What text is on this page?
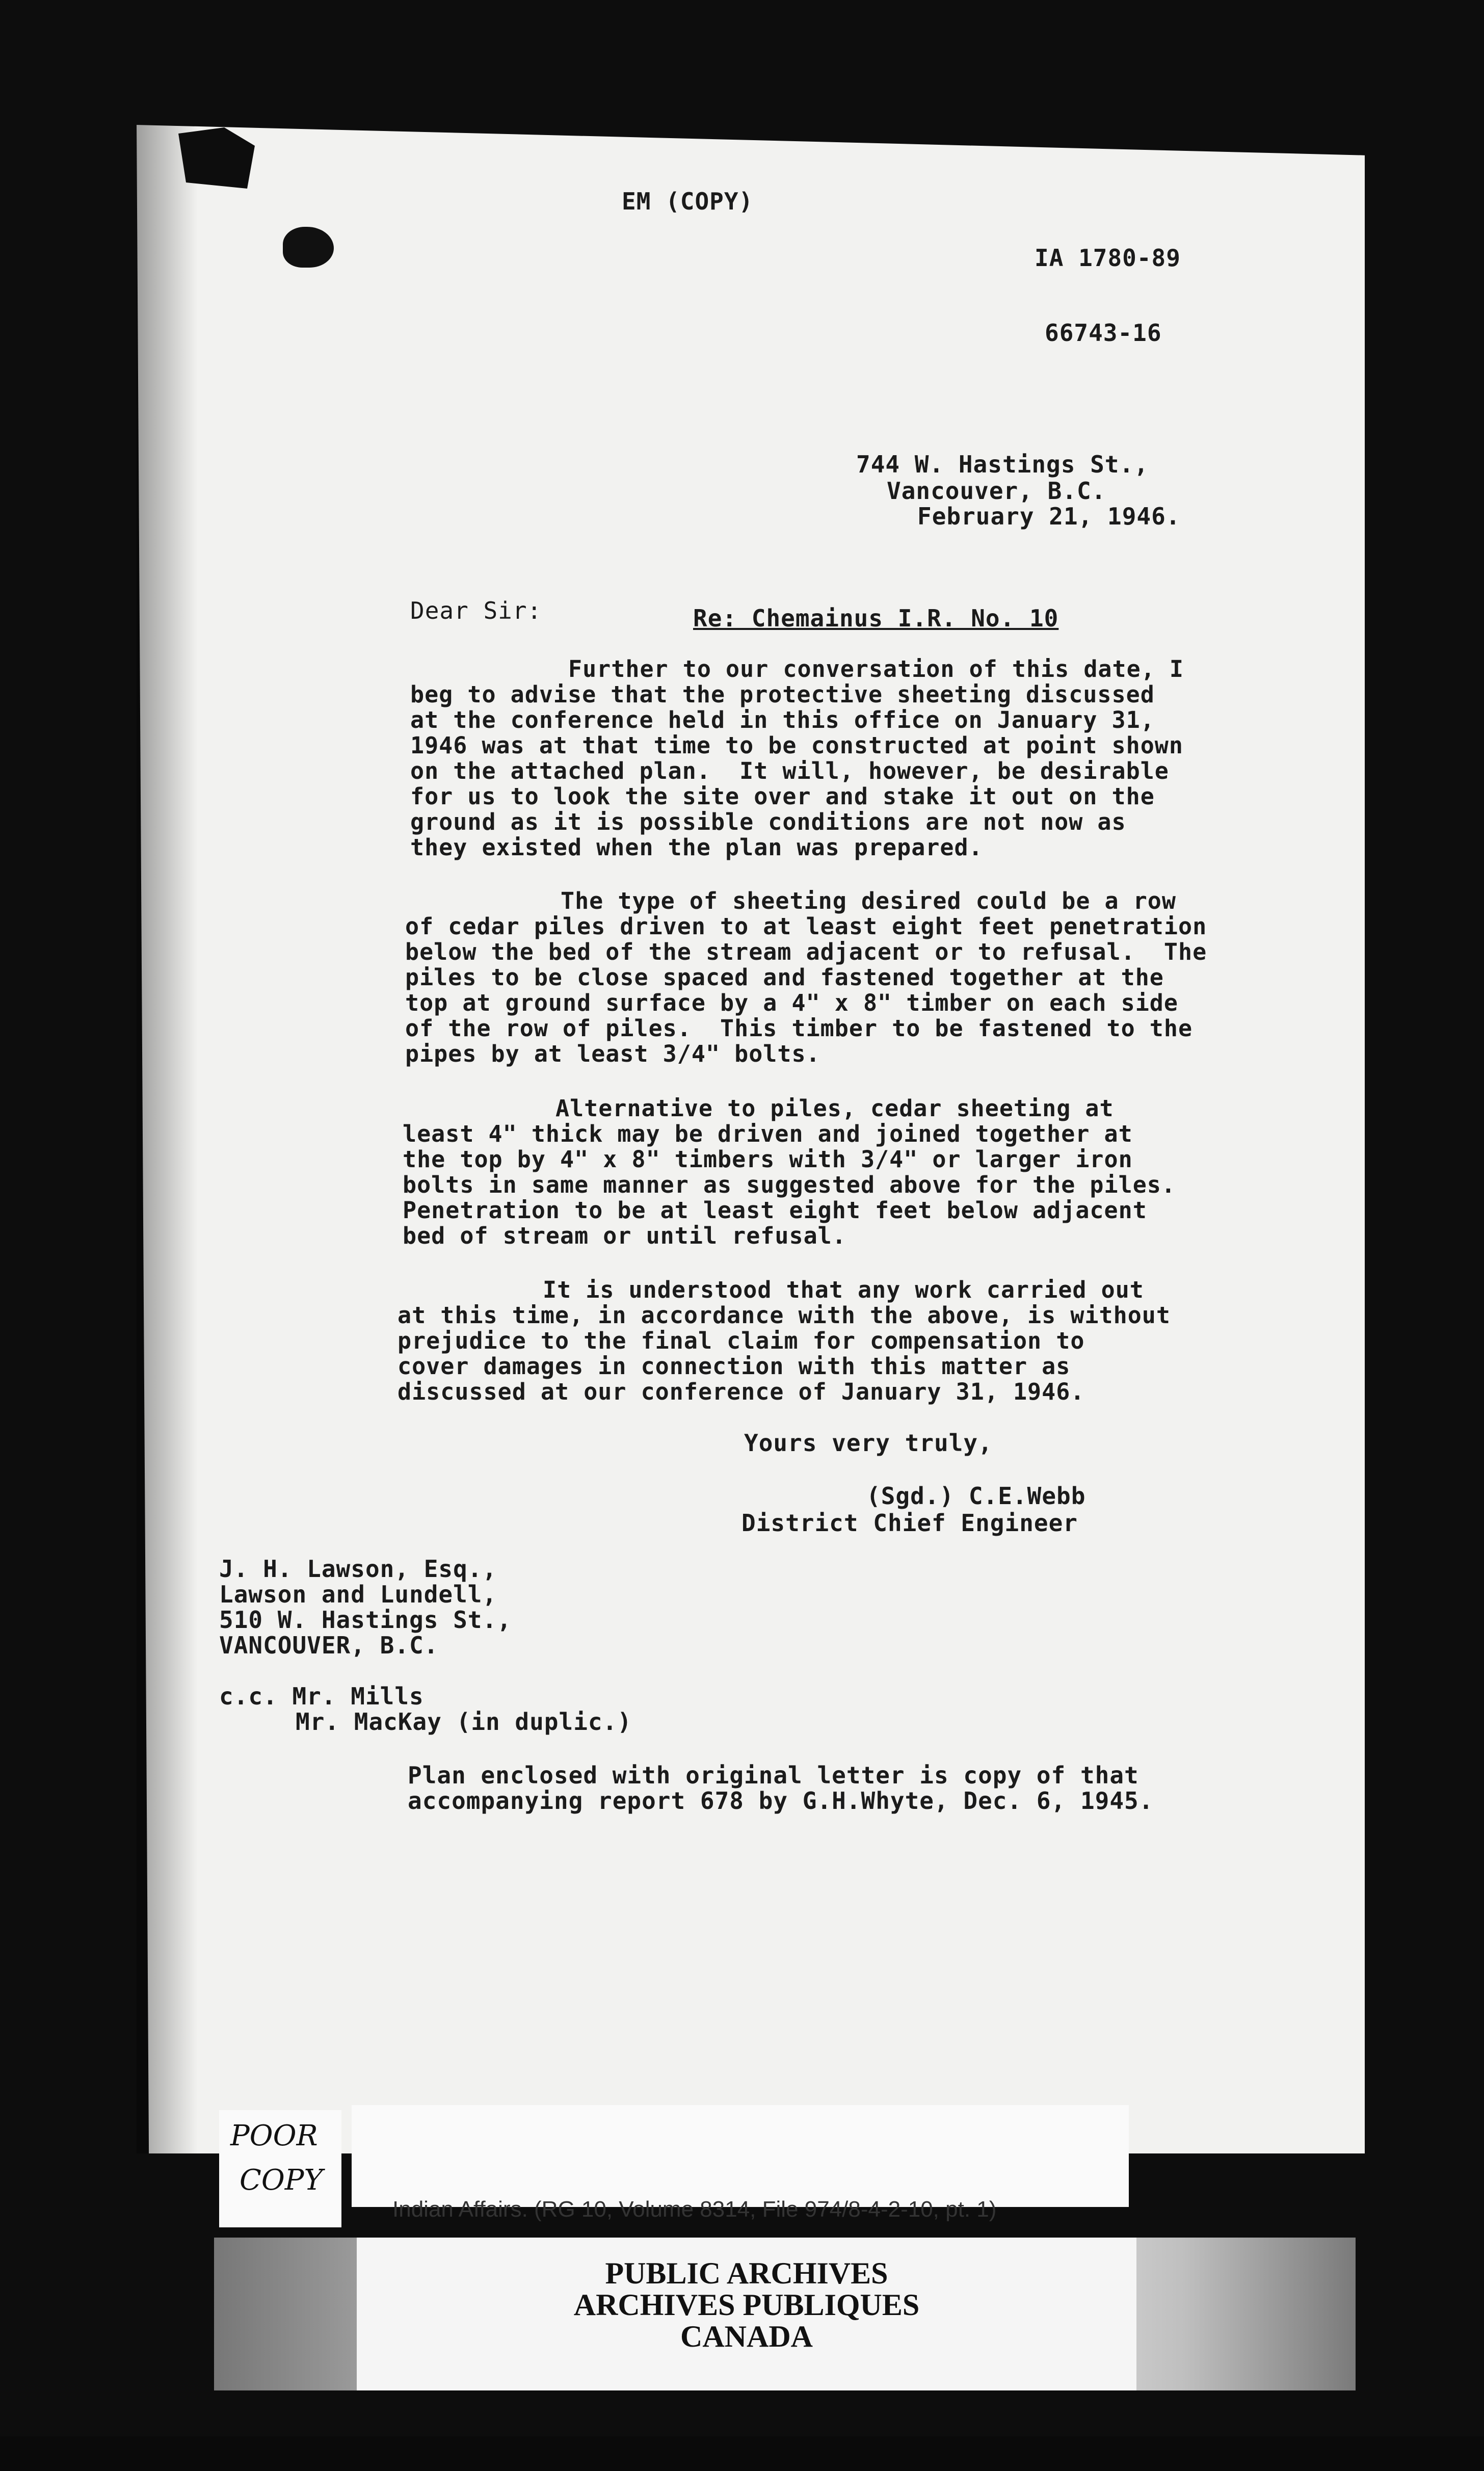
EM (COPY)
IA 1780-89
66743-16
744 W. Hastings St.,
Vancouver, B.C.
February 21, 1946.
Dear Sir:	Re: Chemainus I.R. No. 10
Further to our conversation of this date, I
beg to advise that the protective sheeting discussed
at the conference held in this office on January 31,
1946 was at that time to be constructed at point shown
on the attached plan.  It will, however, be desirable
for us to look the site over and stake it out on the
ground as it is possible conditions are not now as
they existed when the plan was prepared.
The type of sheeting desired could be a row
of cedar piles driven to at least eight feet penetration
below the bed of the stream adjacent or to refusal.  The
piles to be close spaced and fastened together at the
top at ground surface by a 4" x 8" timber on each side
of the row of piles.  This timber to be fastened to the
pipes by at least 3/4" bolts.
Alternative to piles, cedar sheeting at
least 4" thick may be driven and joined together at
the top by 4" x 8" timbers with 3/4" or larger iron
bolts in same manner as suggested above for the piles.
Penetration to be at least eight feet below adjacent
bed of stream or until refusal.
It is understood that any work carried out
at this time, in accordance with the above, is without
prejudice to the final claim for compensation to
cover damages in connection with this matter as
discussed at our conference of January 31, 1946.
Yours very truly,
(Sgd.) C.E.Webb
District Chief Engineer
J. H. Lawson, Esq.,
Lawson and Lundell,
510 W. Hastings St.,
VANCOUVER, B.C.
c.c. Mr. Mills
Mr. MacKay (in duplic.)
Plan enclosed with original letter is copy of that
accompanying report 678 by G.H.Whyte, Dec. 6, 1945.
POOR
COPY
Indian Affairs. (RG 10, Volume 8314, File 974/8-4-2-10, pt. 1)
PUBLIC ARCHIVES
ARCHIVES PUBLIQUES
CANADA
